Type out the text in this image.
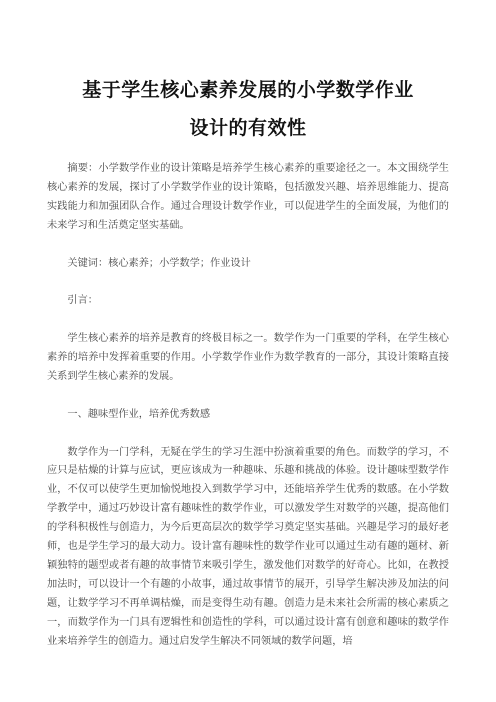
基于学生核心素养发展的小学数学作业
设计的有效性

摘要：小学数学作业的设计策略是培养学生核心素养的重要途径之一。本文围绕学生核心素养的发展，探讨了小学数学作业的设计策略，包括激发兴趣、培养思维能力、提高实践能力和加强团队合作。通过合理设计数学作业，可以促进学生的全面发展，为他们的未来学习和生活奠定坚实基础。

关键词：核心素养；小学数学；作业设计

引言：

学生核心素养的培养是教育的终极目标之一。数学作为一门重要的学科，在学生核心素养的培养中发挥着重要的作用。小学数学作业作为数学教育的一部分，其设计策略直接关系到学生核心素养的发展。

一、趣味型作业，培养优秀数感

数学作为一门学科，无疑在学生的学习生涯中扮演着重要的角色。而数学的学习，不应只是枯燥的计算与应试，更应该成为一种趣味、乐趣和挑战的体验。设计趣味型数学作业，不仅可以使学生更加愉悦地投入到数学学习中，还能培养学生优秀的数感。在小学数学教学中，通过巧妙设计富有趣味性的数学作业，可以激发学生对数学的兴趣，提高他们的学科积极性与创造力，为今后更高层次的数学学习奠定坚实基础。兴趣是学习的最好老师，也是学生学习的最大动力。设计富有趣味性的数学作业可以通过生动有趣的题材、新颖独特的题型或者有趣的故事情节来吸引学生，激发他们对数学的好奇心。比如，在教授加法时，可以设计一个有趣的小故事，通过故事情节的展开，引导学生解决涉及加法的问题，让数学学习不再单调枯燥，而是变得生动有趣。创造力是未来社会所需的核心素质之一，而数学作为一门具有逻辑性和创造性的学科，可以通过设计富有创意和趣味的数学作业来培养学生的创造力。通过启发学生解决不同领域的数学问题，培
